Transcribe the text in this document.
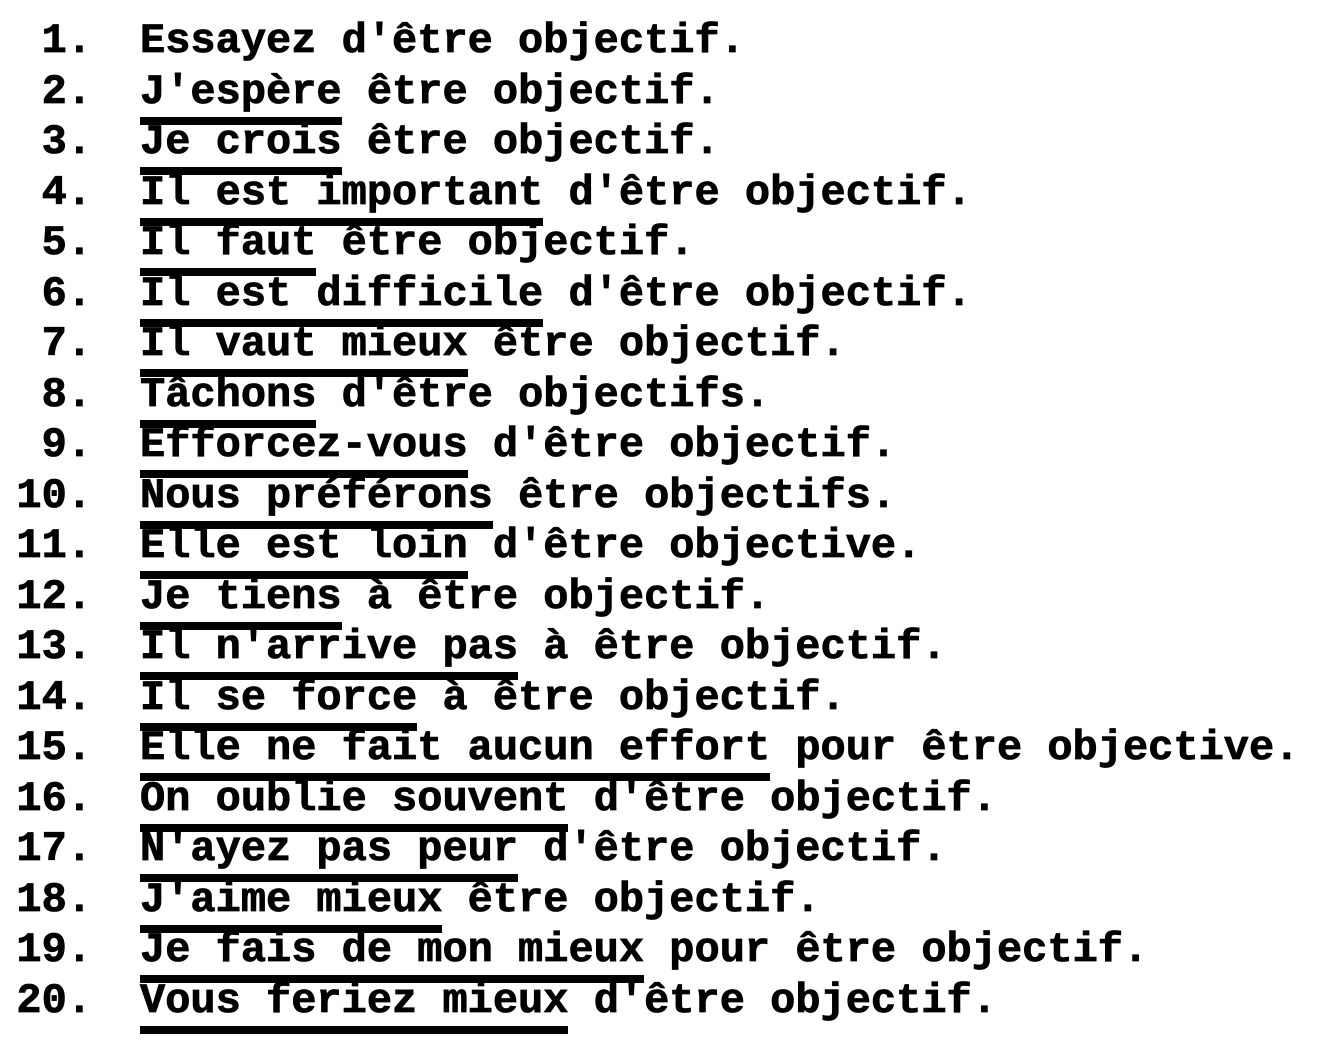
1. Essayez d'être objectif.
2. J'espère être objectif.
3. Je crois être objectif.
4. Il est important d'être objectif.
5. Il faut être objectif.
6. Il est difficile d'être objectif.
7. Il vaut mieux être objectif.
8. Tâchons d'être objectifs.
9. Efforcez-vous d'être objectif.
10. Nous préférons être objectifs.
11. Elle est loin d'être objective.
12. Je tiens à être objectif.
13. Il n'arrive pas à être objectif.
14. Il se force à être objectif.
15. Elle ne fait aucun effort pour être objective.
16. On oublie souvent d'être objectif.
17. N'ayez pas peur d'être objectif.
18. J'aime mieux être objectif.
19. Je fais de mon mieux pour être objectif.
20. Vous feriez mieux d'être objectif.
